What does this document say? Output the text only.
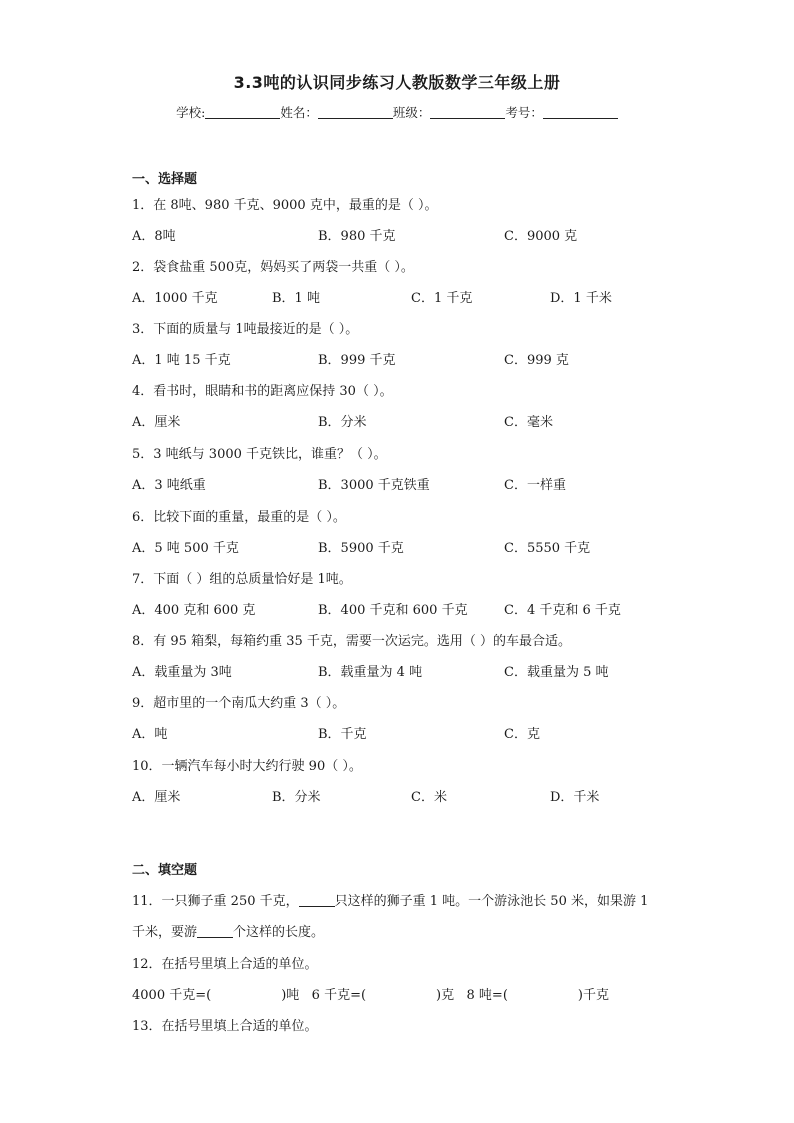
3.3吨的认识同步练习人教版数学三年级上册
学校:	姓名：	班级：	考号：
一、选择题
1．在 8吨、980 千克、9000 克中，最重的是（ ）。
A．8吨	B．980 千克	C．9000 克
2．袋食盐重 500克，妈妈买了两袋一共重（ ）。
A．1000 千克	B．1 吨	C．1 千克	D．1 千米
3．下面的质量与 1吨最接近的是（ ）。
A．1 吨 15 千克	B．999 千克	C．999 克
4．看书时，眼睛和书的距离应保持 30（ ）。
A．厘米	B．分米	C．毫米
5．3 吨纸与 3000 千克铁比，谁重？（ ）。
A．3 吨纸重	B．3000 千克铁重	C．一样重
6．比较下面的重量，最重的是（ ）。
A．5 吨 500 千克	B．5900 千克	C．5550 千克
7．下面（ ）组的总质量恰好是 1吨。
A．400 克和 600 克	B．400 千克和 600 千克	C．4 千克和 6 千克
8．有 95 箱梨，每箱约重 35 千克，需要一次运完。选用（ ）的车最合适。
A．载重量为 3吨	B．载重量为 4 吨	C．载重量为 5 吨
9．超市里的一个南瓜大约重 3（ ）。
A．吨	B．千克	C．克
10．一辆汽车每小时大约行驶 90（ ）。
A．厘米	B．分米	C．米	D．千米
二、填空题
11．一只狮子重 250 千克，	只这样的狮子重 1 吨。一个游泳池长 50 米，如果游 1
千米，要游	个这样的长度。
12．在括号里填上合适的单位。
4000 千克=(	)吨 6 千克=(	)克 8 吨=(	)千克
13．在括号里填上合适的单位。
